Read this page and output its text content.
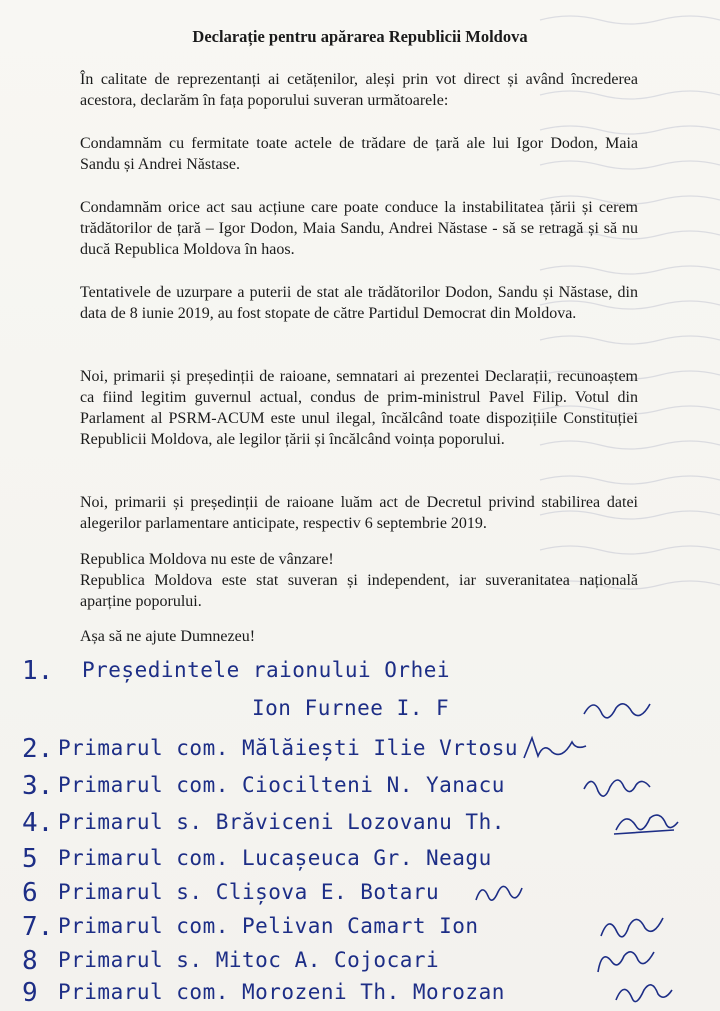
Declarație pentru apărarea Republicii Moldova

În calitate de reprezentanți ai cetățenilor, aleși prin vot direct și având încrederea acestora, declarăm în fața poporului suveran următoarele:

Condamnăm cu fermitate toate actele de trădare de țară ale lui Igor Dodon, Maia Sandu și Andrei Năstase.

Condamnăm orice act sau acțiune care poate conduce la instabilitatea țării și cerem trădătorilor de țară – Igor Dodon, Maia Sandu, Andrei Năstase - să se retragă și să nu ducă Republica Moldova în haos.

Tentativele de uzurpare a puterii de stat ale trădătorilor Dodon, Sandu și Năstase, din data de 8 iunie 2019, au fost stopate de către Partidul Democrat din Moldova.

Noi, primarii și președinții de raioane, semnatari ai prezentei Declarații, recunoaștem ca fiind legitim guvernul actual, condus de prim-ministrul Pavel Filip. Votul din Parlament al PSRM-ACUM este unul ilegal, încălcând toate dispozițiile Constituției Republicii Moldova, ale legilor țării și încălcând voința poporului.

Noi, primarii și președinții de raioane luăm act de Decretul privind stabilirea datei alegerilor parlamentare anticipate, respectiv 6 septembrie 2019.

Republica Moldova nu este de vânzare!

Republica Moldova este stat suveran și independent, iar suveranitatea națională aparține poporului.

Așa să ne ajute Dumnezeu!

1. Președintele raionului Orhei
Ion Furnee I. F
2. Primarul com. Mălăiești Ilie Vrtosu
3. Primarul com. Ciocilteni N. Yanacu
4. Primarul s. Brăviceni Lozovanu Th.
5 Primarul com. Lucașeuca Gr. Neagu
6 Primarul s. Clișova E. Botaru
7. Primarul com. Pelivan Camart Ion
8 Primarul s. Mitoc A. Cojocari
9 Primarul com. Morozeni Th. Morozan
